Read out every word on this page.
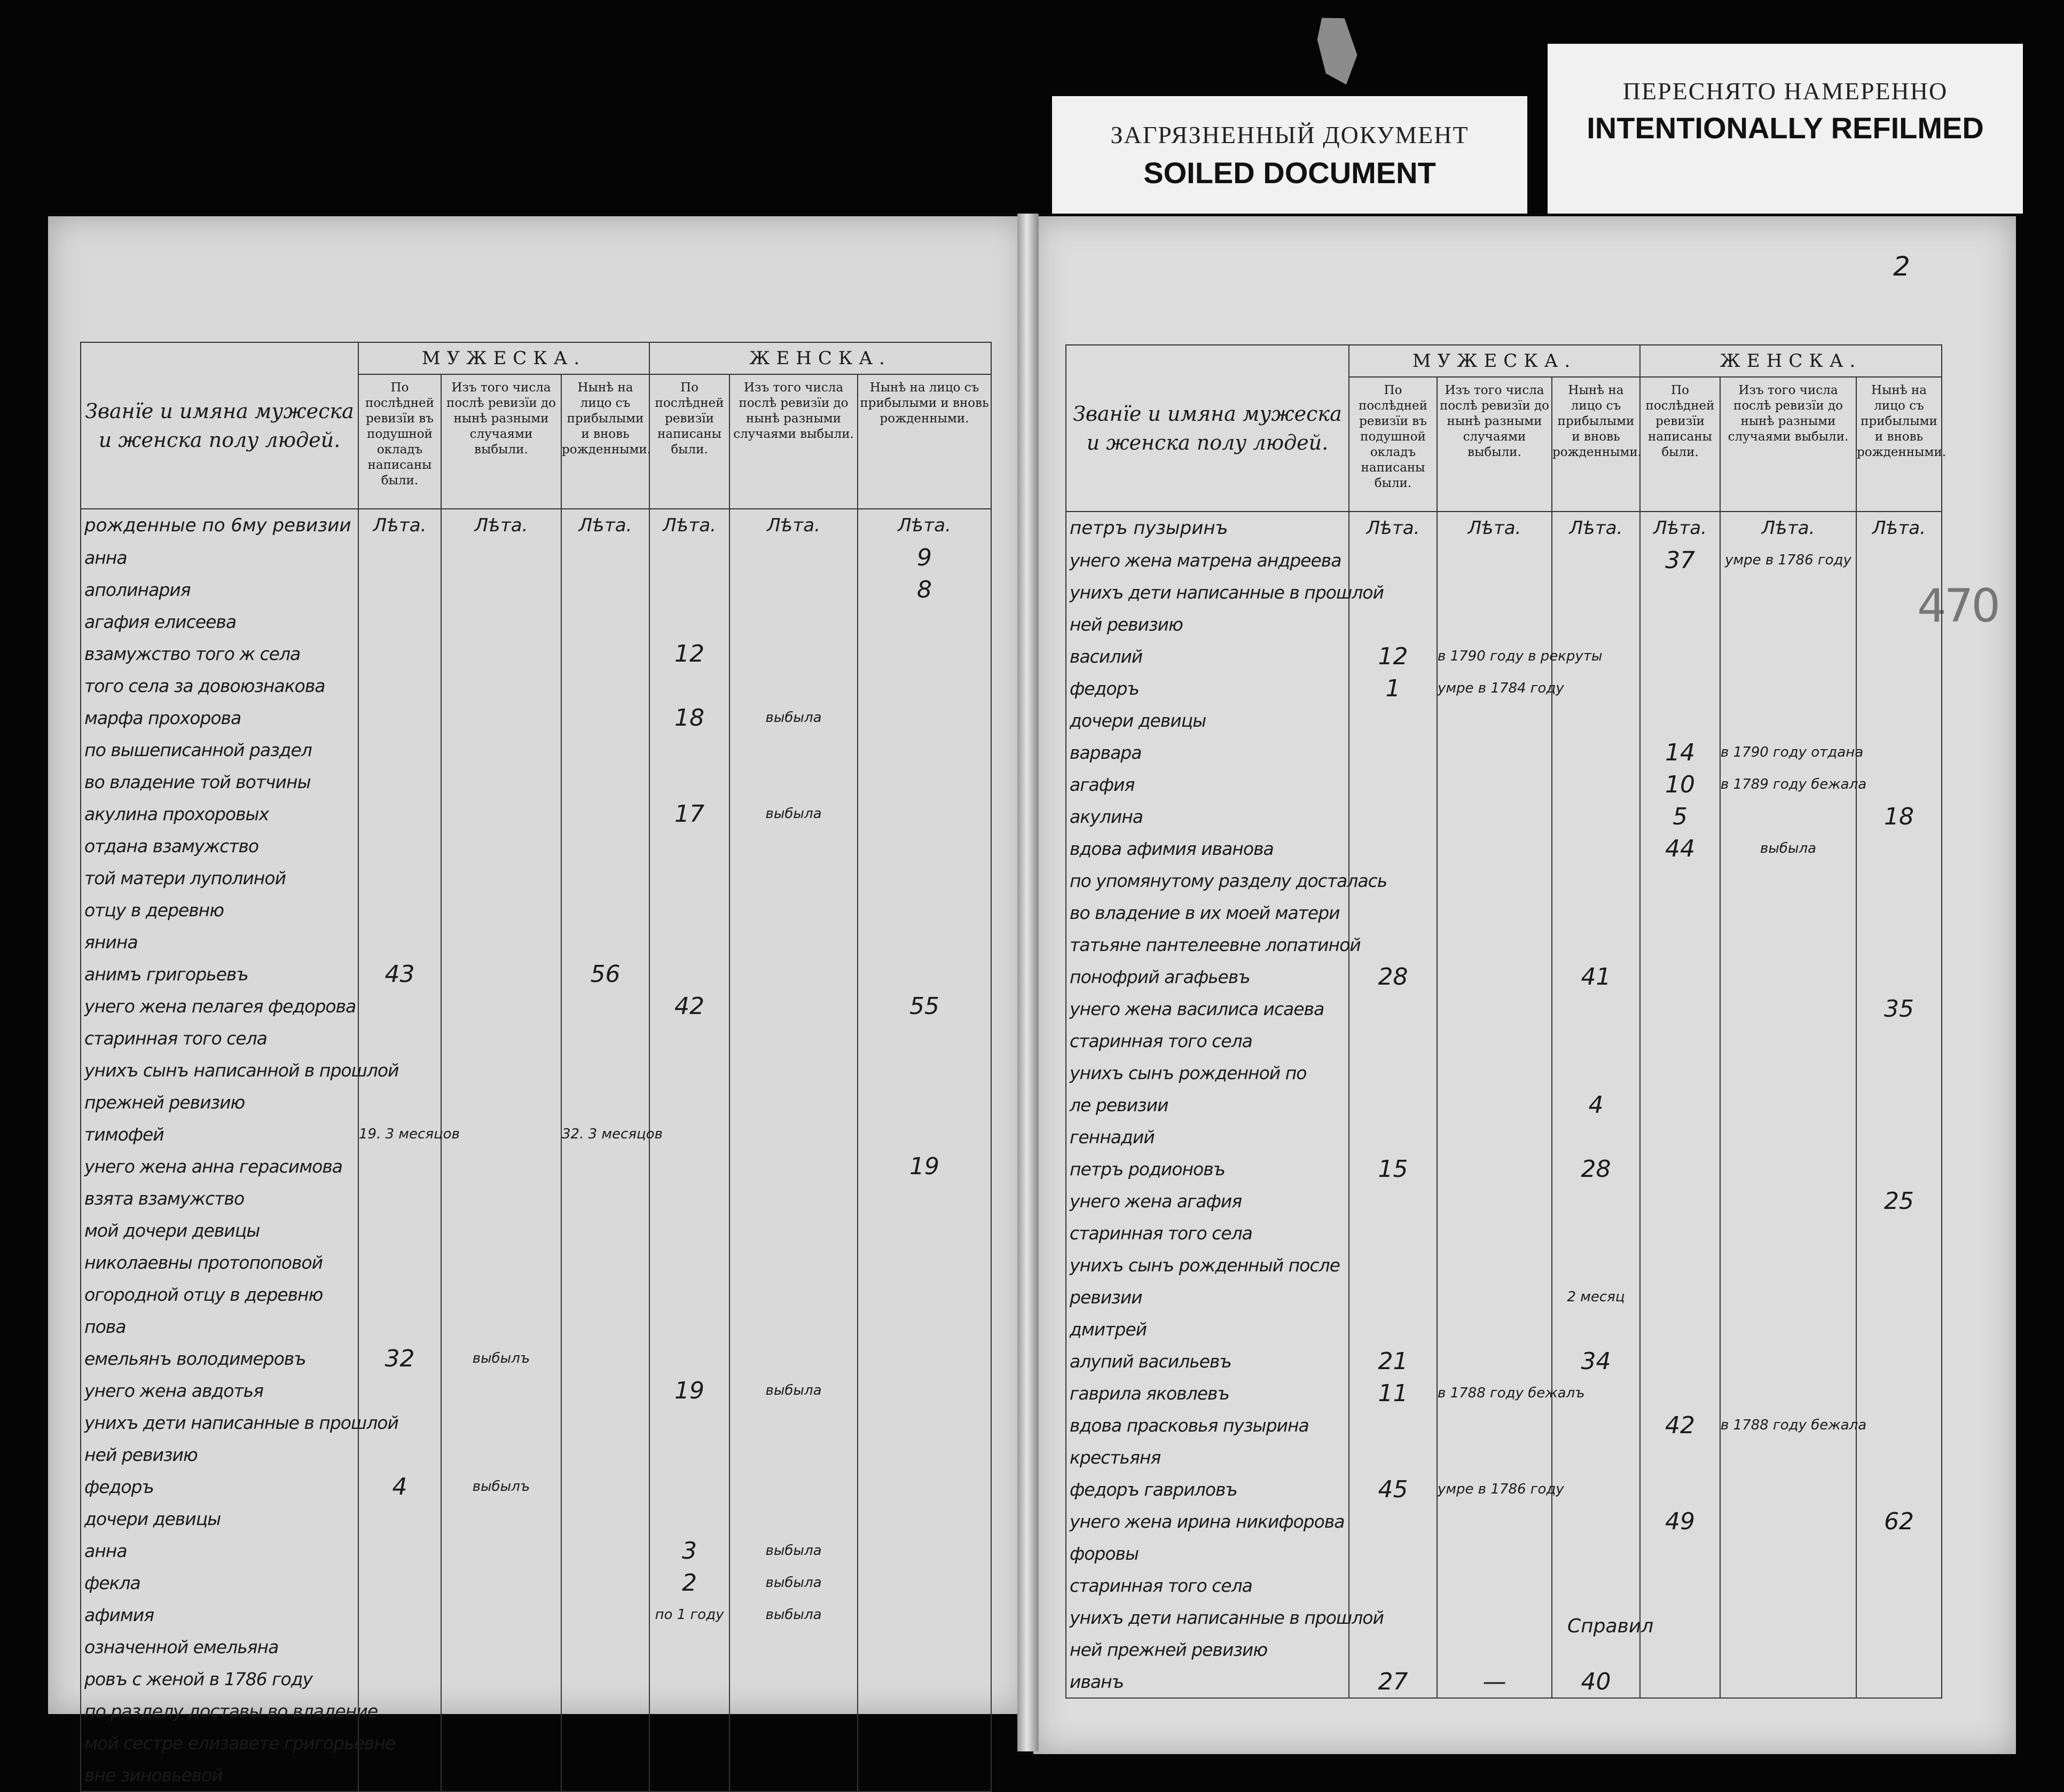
ЗАГРЯЗНЕННЫЙ ДОКУМЕНТ
SOILED DOCUMENT
ПЕРЕСНЯТО НАМЕРЕННО
INTENTIONALLY REFILMED
2
470
Справил
Званїе и имяна мужеска и женска полу людей.	МУЖЕСКА.			ЖЕНСКА.		
	По послѣдней ревизїи въ подушной окладъ написаны были.	Изъ того числа послѣ ревизїи до нынѣ разными случаями выбыли.	Нынѣ на лицо съ прибылыми и вновь рожденными.	По послѣдней ревизїи написаны были.	Изъ того числа послѣ ревизїи до нынѣ разными случаями выбыли.	Нынѣ на лицо съ прибылыми и вновь рожденными.
рожденные по 6му ревизии	Лѣта.	Лѣта.	Лѣта.	Лѣта.	Лѣта.	Лѣта.
анна						9
аполинария						8
агафия елисеева						
взамужство того ж села				12		
того села за довоюзнакова						
марфа прохорова				18	выбыла	
по вышеписанной раздел						
во владение той вотчины						
акулина прохоровых				17	выбыла	
отдана взамужство						
той матери луполиной						
отцу в деревню						
янина						
анимъ григорьевъ	43		56			
унего жена пелагея федорова				42		55
старинная того села						
унихъ сынъ написанной в прошлой						
прежней ревизию						
тимофей	19. 3 месяцов		32. 3 месяцов			
унего жена анна герасимова						19
взята взамужство						
мой дочери девицы						
николаевны протопоповой						
огородной отцу в деревню						
пова						
емельянъ володимеровъ	32	выбылъ				
унего жена авдотья				19	выбыла	
унихъ дети написанные в прошлой						
ней ревизию						
федоръ	4	выбылъ				
дочери девицы						
анна				3	выбыла	
фекла				2	выбыла	
афимия				по 1 году	выбыла	
означенной емельяна						
ровъ с женой в 1786 году						
по разделу доставы во владение						
мой сестре елизавете григорьевне						
вне зиновьевой						
Званїе и имяна мужеска и женска полу людей.	МУЖЕСКА.			ЖЕНСКА.		
	По послѣдней ревизїи въ подушной окладъ написаны были.	Изъ того числа послѣ ревизїи до нынѣ разными случаями выбыли.	Нынѣ на лицо съ прибылыми и вновь рожденными.	По послѣдней ревизїи написаны были.	Изъ того числа послѣ ревизїи до нынѣ разными случаями выбыли.	Нынѣ на лицо съ прибылыми и вновь рожденными.
петръ пузыринъ	Лѣта.	Лѣта.	Лѣта.	Лѣта.	Лѣта.	Лѣта.
унего жена матрена андреева				37	умре в 1786 году	
унихъ дети написанные в прошлой						
ней ревизию						
василий	12	в 1790 году в рекруты				
федоръ	1	умре в 1784 году				
дочери девицы						
варвара				14	в 1790 году отдана	
агафия				10	в 1789 году бежала	
акулина				5		18
вдова афимия иванова				44	выбыла	
по упомянутому разделу досталась						
во владение в их моей матери						
татьяне пантелеевне лопатиной						
понофрий агафьевъ	28		41			
унего жена василиса исаева						35
старинная того села						
унихъ сынъ рожденной по						
ле ревизии			4			
геннадий						
петръ родионовъ	15		28			
унего жена агафия						25
старинная того села						
унихъ сынъ рожденный после						
ревизии			2 месяц			
дмитрей						
алупий васильевъ	21		34			
гаврила яковлевъ	11	в 1788 году бежалъ				
вдова прасковья пузырина				42	в 1788 году бежала	
крестьяня						
федоръ гавриловъ	45	умре в 1786 году				
унего жена ирина никифорова				49		62
форовы						
старинная того села						
унихъ дети написанные в прошлой						
ней прежней ревизию						
иванъ	27	—	40			
